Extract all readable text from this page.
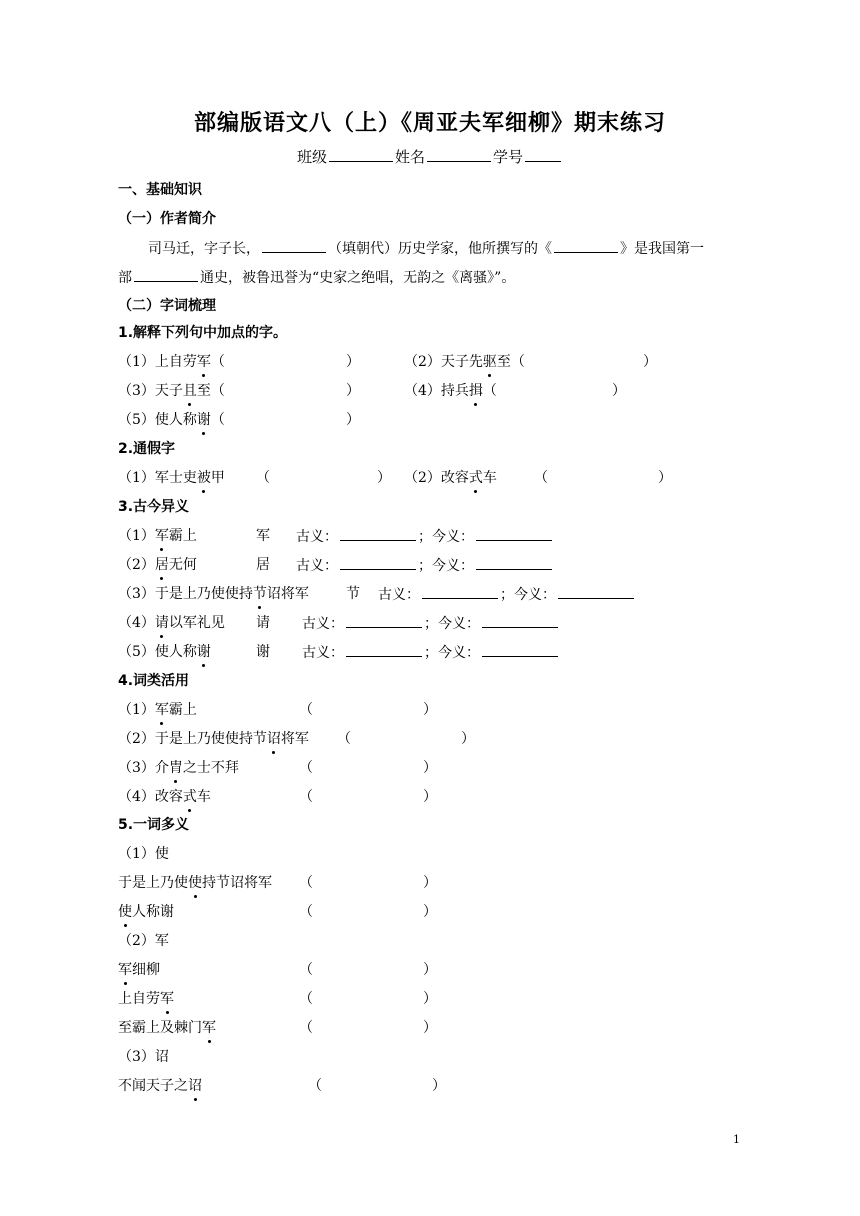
部编版语文八（上）《周亚夫军细柳》期末练习
班级	姓名	学号
一、基础知识
（一）作者简介
司马迁，字子长，	（填朝代）历史学家，他所撰写的《	》是我国第一
部	通史，被鲁迅誉为“史家之绝唱，无韵之《离骚》”。
（二）字词梳理
1.解释下列句中加点的字。
（1）上自劳军（	）	（2）天子先驱至（	）
（3）天子且至（	）	（4）持兵揖（	）
（5）使人称谢（	）
2.通假字
（1）军士吏被甲 （	） （2）改容式车	（	）
3.古今异义
（1）军霸上	军 古义：	；今义：
（2）居无何	居 古义：	；今义：
（3）于是上乃使使持节诏将军	节 古义：	；今义：
（4）请以军礼见 请 古义：	；今义：
（5）使人称谢	谢 古义：	；今义：
4.词类活用
（1）军霸上	（	）
（2）于是上乃使使持节诏将军 （	）
（3）介胄之士不拜	（	）
（4）改容式车	（	）
5.一词多义
（1）使
于是上乃使使持节诏将军 （	）
使人称谢	（	）
（2）军
军细柳	（	）
上自劳军	（	）
至霸上及棘门军	（	）
（3）诏
不闻天子之诏	（	）
1
